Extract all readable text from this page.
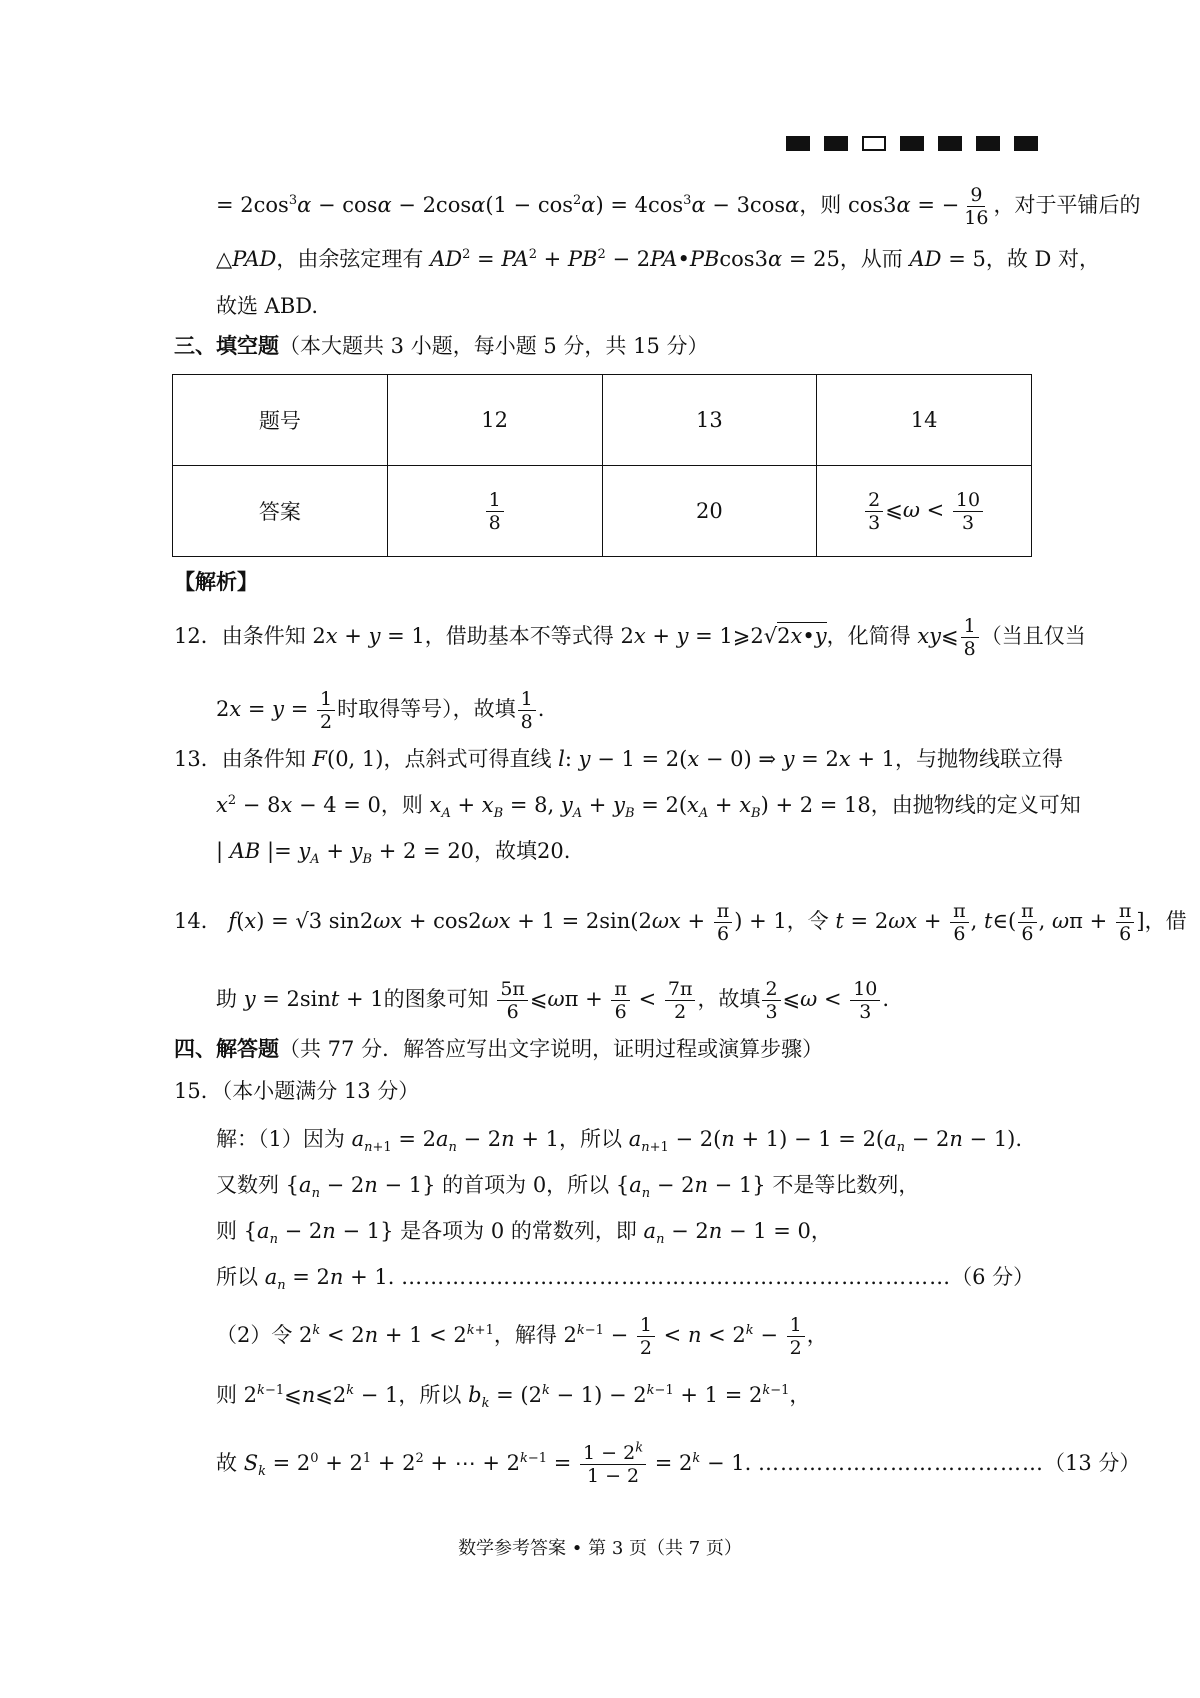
= $2\cos^3\alpha - \cos\alpha - 2\cos\alpha(1 - \cos^2\alpha) = 4\cos^3\alpha - 3\cos\alpha$，则 cos3α = − $\frac{9}{16}$ ，对于平铺后的
△PAD，由余弦定理有 $AD^2 = PA^2 + PB^2$ − 2PA•PBcos3α = 25，从而 AD = 5，故 D 对，
故选 ABD.
三、填空题（本大题共 3 小题，每小题 5 分，共 15 分）
题号	12	13	14
答案	$\frac{1}{8}$	20	$\frac{2}{3}$ ⩽ω < $\frac{10}{3}$
【解析】
12．由条件知 2x + y = 1，借助基本不等式得 2x + y = 1⩾2√2x•y，化简得 xy⩽ $\frac{1}{8}$ （当且仅当
$2x = y = \frac{1}{2}$ 时取得等号），故填 $\frac{1}{8}$ .
13．由条件知 F(0, 1)，点斜式可得直线 l: y − 1 = 2(x − 0) ⇒ y = 2x + 1，与抛物线联立得
$x^2 - 8x - 4 = 0$，则 $x_A + x_B = 8$, $y_A + y_B = 2(x_A + x_B) + 2 = 18$，由抛物线的定义可知
| AB |= $y_A + y_B + 2 = 20$，故填20.
14． f(x) = √3 $\sin 2\omega x + \cos 2\omega x + 1 = 2\sin(2\omega x + \frac{\pi}{6}$ ) + 1，令 $t = 2\omega x + \frac{\pi}{6}$ , t∈( $\frac{\pi}{6}$ , $\omega\pi + \frac{\pi}{6}$ ]，借
助 y = 2sint + 1的图象可知 $\frac{5\pi}{6}$ ⩽ωπ + $\frac{\pi}{6} < \frac{7\pi}{2}$ ，故填 $\frac{2}{3}$ ⩽ω < $\frac{10}{3}$ .
四、解答题（共 77 分．解答应写出文字说明，证明过程或演算步骤）
15．（本小题满分 13 分）
解：（1）因为 $a_{n+1} = 2a_n - 2n + 1$，所以 $a_{n+1} - 2(n + 1) - 1 = 2(a_n - 2n - 1)$.
又数列 $\{a_n - 2n - 1\}$ 的首项为 0，所以 $\{a_n - 2n - 1\}$ 不是等比数列，
则 $\{a_n - 2n - 1\}$ 是各项为 0 的常数列，即 $a_n - 2n - 1 = 0$，
所以 $a_n = 2n + 1$. …………………………………………………………………（6 分）
（2）令 $2^k < 2n + 1 < 2^{k+1}$，解得 $2^{k-1} - \frac{1}{2} < n < 2^k - \frac{1}{2}$ ，
则 $2^{k-1}⩽n⩽2^k - 1$，所以 $b_k = (2^k - 1) - 2^{k-1} + 1 = 2^{k-1}$，
故 $S_k = 2^0 + 2^1 + 2^2$ + ⋯ + $2^{k-1} = \frac{1 - 2^k}{1 - 2} = 2^k - 1$. …………………………………（13 分）
数学参考答案 • 第 3 页（共 7 页）
